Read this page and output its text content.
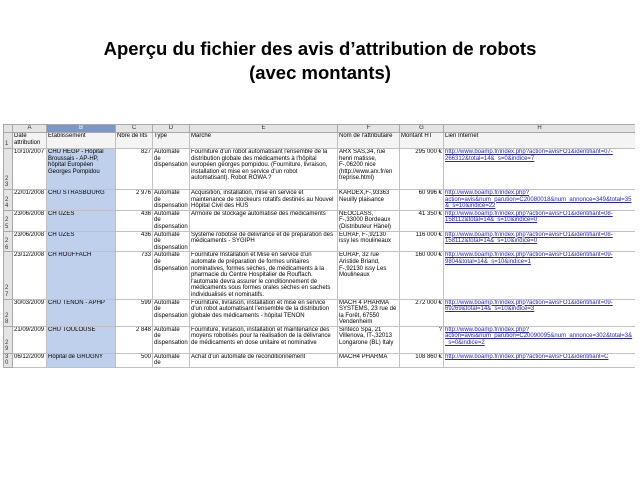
Aperçu du fichier des avis d’attribution de robots
(avec montants)
	A	B	C	D	E	F	G	H
1	Date attribution	Etablissement	Nbre de lits	Type	Marché	Nom de l'attributaire	Montant HT	Lien Internet
23	10/10/2007	CHU HEGP - Hôpital Broussais - AP-HP, hôpital Européen Georges Pompidou	827	Automate de dispensation	Fourniture d'un robot automatisant l'ensemble de la distribution globale des médicaments à l'hôpital européen georges pompidou. (Fourniture, livraison, installation et mise en service d'un robot automatisant). Robot ROWA ?	ARX SAS,34, rue henri matisse, F-,06200 nice (http://www.arx.fr/en treprise.html)	295 000 €	http://www.boamp.fr/index.php?action=avisFO1&identifiant=07-266312&total=14&_s=0&indice=7
24	22/01/2008	CHU STRASBOURG	2 976	Automate de dispensation	Acquisition, installation, mise en service et maintenance de stockeurs rotatifs destinés au Nouvel Hôpital Civil des HUS	KARDEX,F-,93363 Neuilly plaisance	60 996 €	http://www.boamp.fr/index.php?action=avis&num_parution=C20080018&num_annonce=349&total=35&_s=10&indice=22
25	23/06/2008	CH UZES	436	Automate de dispensation	Armoire de stockage automatisé des médicaments	NEOCLASS, F-,33000 Bordeaux (Distributeur Hänel)	41 350 €	http://www.boamp.fr/index.php?action=avisFO1&identifiant=08-158112&total=14&_s=10&indice=0
26	23/06/2008	CH UZES	436	Automate de dispensation	Système robotisé de délivrance et de préparation des médicaments - SYGIPH	EURAF, F-,92130 issy les moulineaux	116 000 €	http://www.boamp.fr/index.php?action=avisFO1&identifiant=08-158112&total=14&_s=10&indice=0
27	23/12/2008	CH ROUFFACH	733	Automate de dispensation	Fourniture Installation et Mise en service d'un automate de préparation de formes unitaires nominatives, formes sèches, de médicaments à la pharmacie du Centre Hospitalier de Rouffach. l'automate devra assurer le conditionnement de médicaments sous formes orales sèches en sachets individualisés et nominatifs.	EURAF, 32 rue Aristide Briand, F-,92130 issy Les Moulineaux	160 000 €	http://www.boamp.fr/index.php?action=avisFO1&identifiant=09-9804&total=14&_s=10&indice=1
28	30/03/2009	CHU TENON - APHP	599	Automate de dispensation	Fourniture, livraison, installation et mise en service d'un robot automatisant l'ensemble de la distribution globale des médicaments - hôpital TENON	MACH 4 PHARMA SYSTEMS, 23 rue de la Forêt, 67550 Vendenheim	272 000 €	http://www.boamp.fr/index.php?action=avisFO1&identifiant=09-69269&total=14&_s=10&indice=3
29	21/09/2009	CHU TOULOUSE	2 848	Automate de dispensation	Fourniture, livraison, installation et maintenance des moyens robotisés pour la réalisation de la délivrance de médicaments en dose unitaire et nominative	Sinteco Spa, 21 Villenova, IT-,32013 Longarone (BL) Italy	?	http://www.boamp.fr/index.php?action=avis&num_parution=C20090095&num_annonce=302&total=3&_s=0&indice=2
30	06/12/2009	Hôpital de GRUGNY	500	Automate de	Achat d'un automate de reconditionnement	MACH4 PHARMA	108 860 €	http://www.boamp.fr/index.php?action=avisFO1&identifiant=C
